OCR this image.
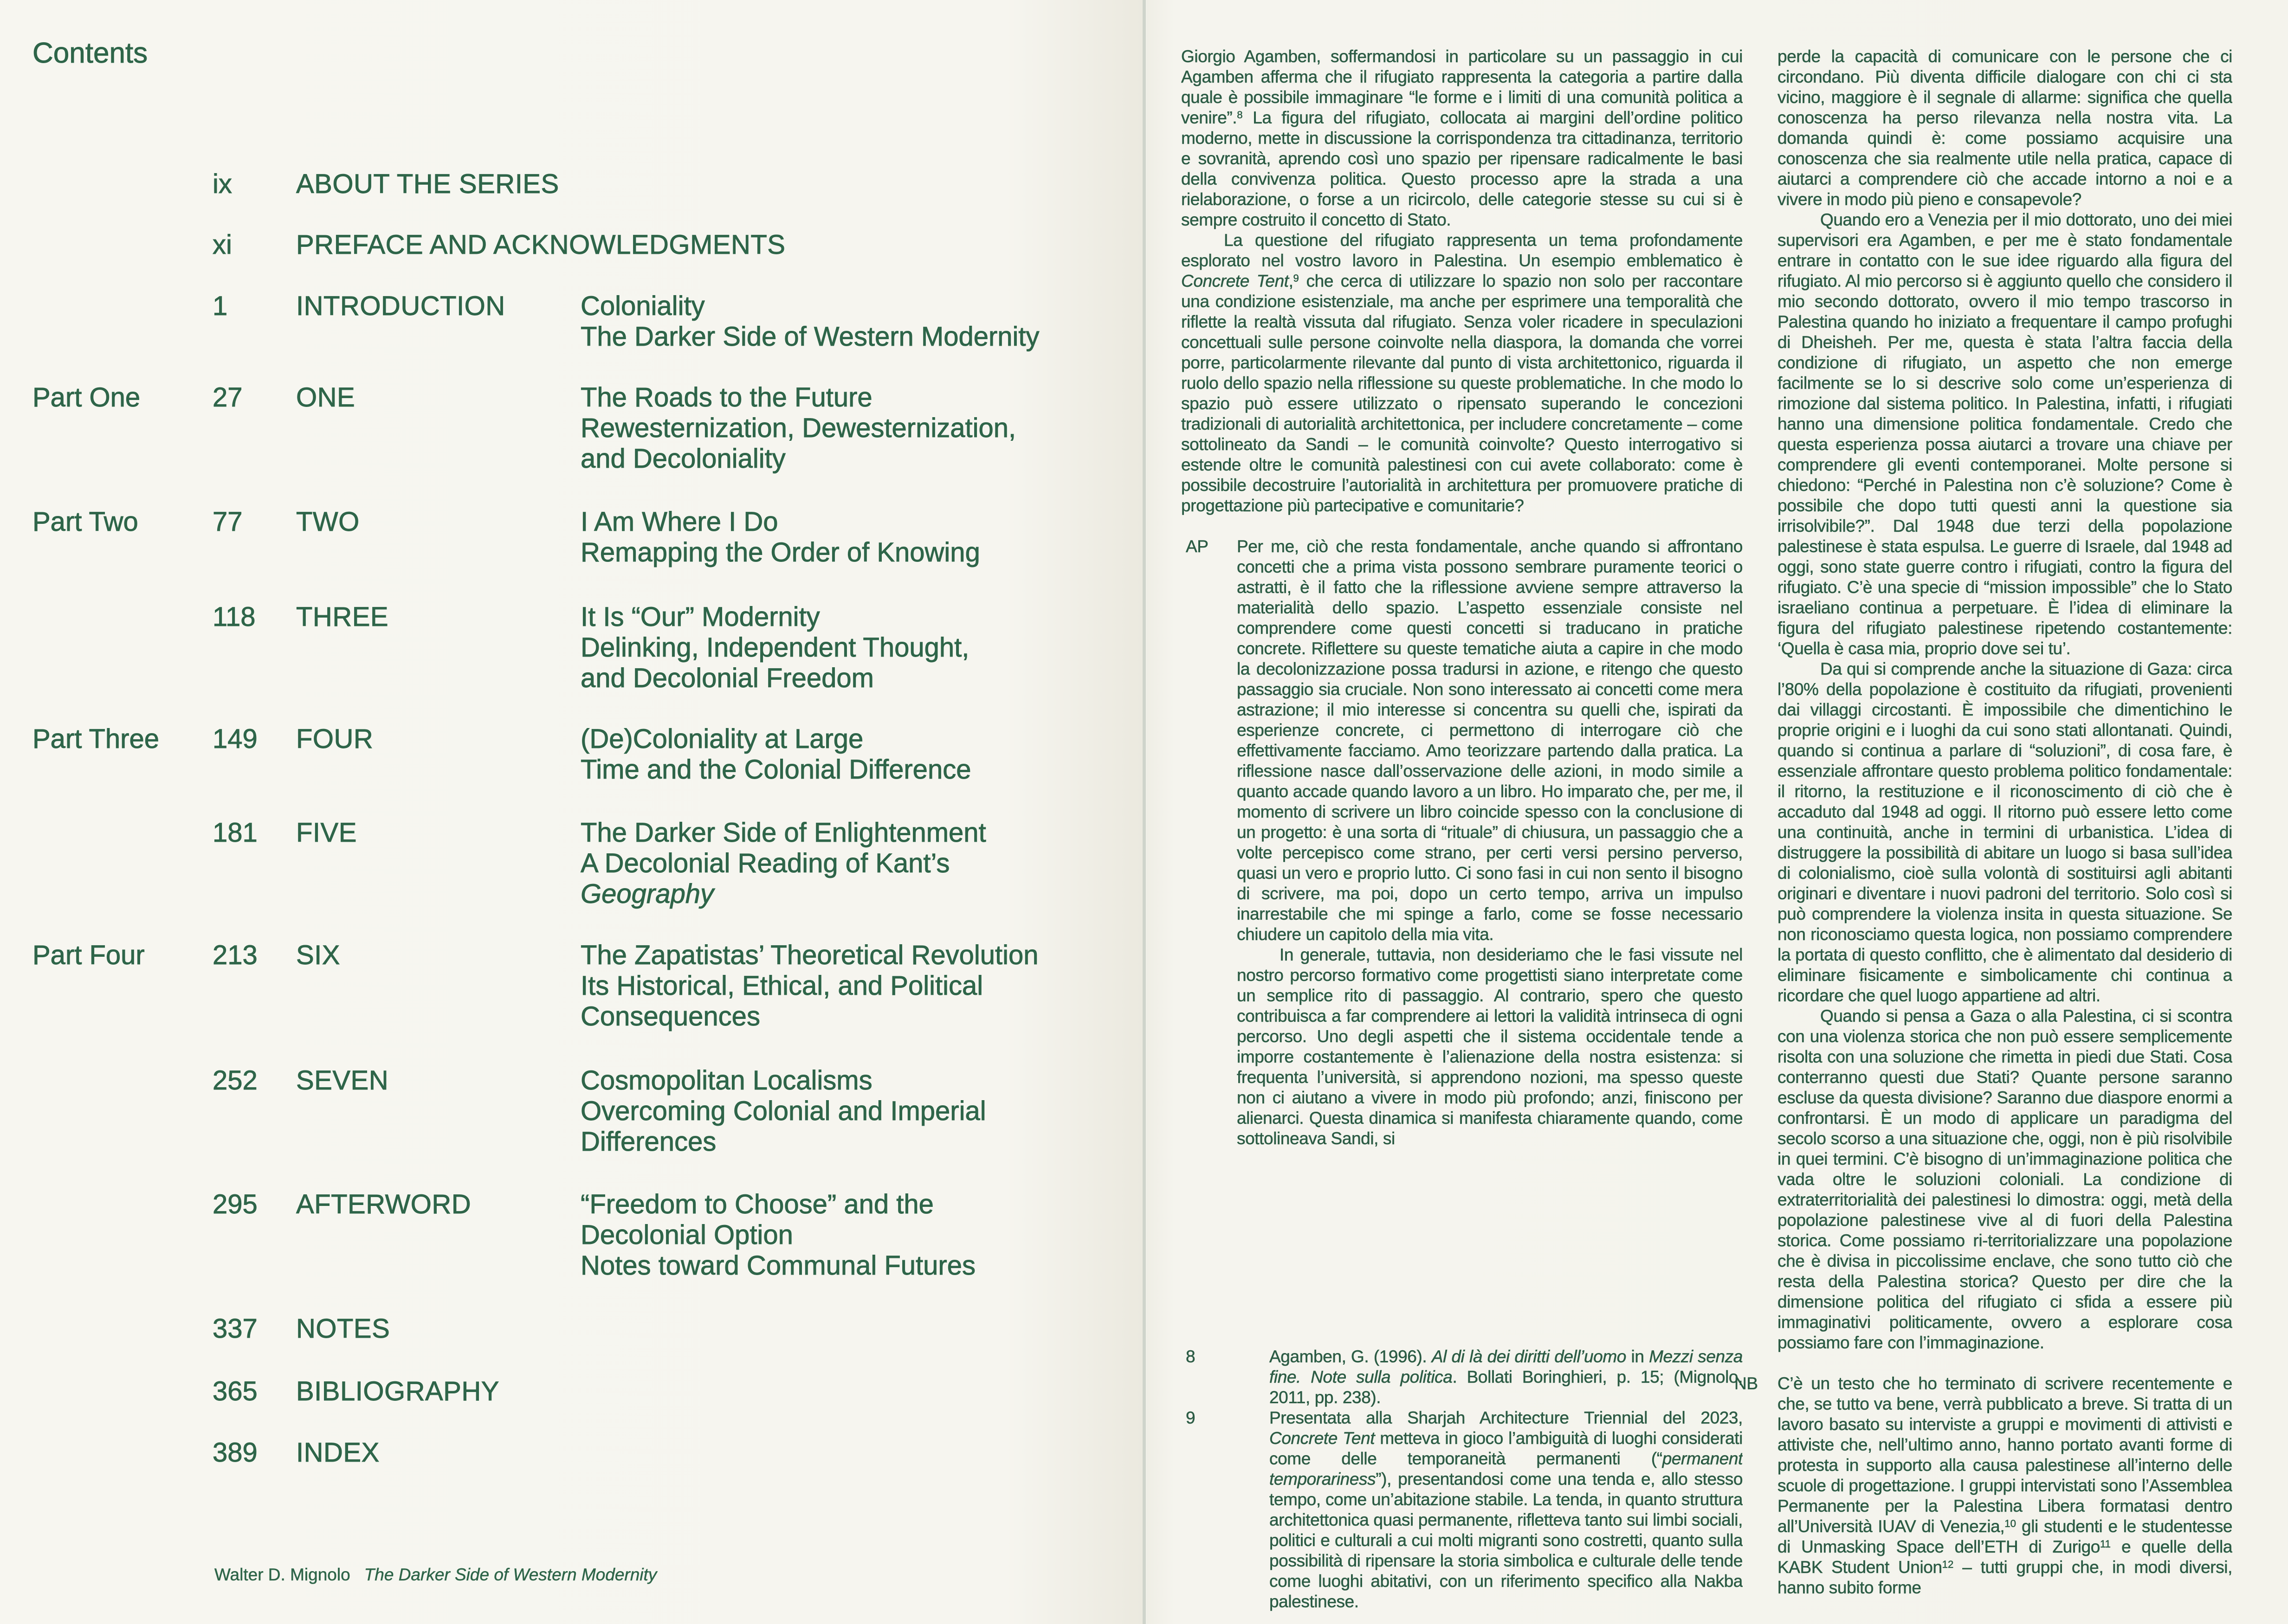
Contents
ix ABOUT THE SERIES
xi PREFACE AND ACKNOWLEDGMENTS
1	INTRODUCTION	Coloniality
The Darker Side of Western Modernity
Part One	27 ONE	The Roads to the Future
Rewesternization, Dewesternization,
and Decoloniality
Part Two	77 TWO	I Am Where I Do
Remapping the Order of Knowing
118 THREE	It Is “Our” Modernity
Delinking, Independent Thought,
and Decolonial Freedom
Part Three 149 FOUR	(De)Coloniality at Large
Time and the Colonial Difference
181 FIVE	The Darker Side of Enlightenment
A Decolonial Reading of Kant’s
Geography
Part Four	213 SIX	The Zapatistas’ Theoretical Revolution
Its Historical, Ethical, and Political
Consequences
252 SEVEN	Cosmopolitan Localisms
Overcoming Colonial and Imperial
Differences
295 AFTERWORD	“Freedom to Choose” and the
Decolonial Option
Notes toward Communal Futures
337 NOTES
365 BIBLIOGRAPHY
389 INDEX
Walter D. Mignolo The Darker Side of Western Modernity

Giorgio Agamben, soffermandosi in particolare su un passaggio in cui Agamben afferma che il rifugiato rappresenta la categoria a partire dalla quale è possibile immaginare “le forme e i limiti di una comunità politica a venire”.$^8$ La figura del rifugiato, collocata ai margini dell’ordine politico moderno, mette in discussione la corrispondenza tra cittadinanza, territorio e sovranità, aprendo così uno spazio per ripensare radicalmente le basi della convivenza politica. Questo processo apre la strada a una rielaborazione, o forse a un ricircolo, delle categorie stesse su cui si è sempre costruito il concetto di Stato.

La questione del rifugiato rappresenta un tema profondamente esplorato nel vostro lavoro in Palestina. Un esempio emblematico è Concrete Tent,$^9$ che cerca di utilizzare lo spazio non solo per raccontare una condizione esistenziale, ma anche per esprimere una temporalità che riflette la realtà vissuta dal rifugiato. Senza voler ricadere in speculazioni concettuali sulle persone coinvolte nella diaspora, la domanda che vorrei porre, particolarmente rilevante dal punto di vista architettonico, riguarda il ruolo dello spazio nella riflessione su queste problematiche. In che modo lo spazio può essere utilizzato o ripensato superando le concezioni tradizionali di autorialità architettonica, per includere concretamente – come sottolineato da Sandi – le comunità coinvolte? Questo interrogativo si estende oltre le comunità palestinesi con cui avete collaborato: come è possibile decostruire l’autorialità in architettura per promuovere pratiche di progettazione più partecipative e comunitarie?

AP Per me, ciò che resta fondamentale, anche quando si affrontano concetti che a prima vista possono sembrare puramente teorici o astratti, è il fatto che la riflessione avviene sempre attraverso la materialità dello spazio. L’aspetto essenziale consiste nel comprendere come questi concetti si traducano in pratiche concrete. Riflettere su queste tematiche aiuta a capire in che modo la decolonizzazione possa tradursi in azione, e ritengo che questo passaggio sia cruciale. Non sono interessato ai concetti come mera astrazione; il mio interesse si concentra su quelli che, ispirati da esperienze concrete, ci permettono di interrogare ciò che effettivamente facciamo. Amo teorizzare partendo dalla pratica. La riflessione nasce dall’osservazione delle azioni, in modo simile a quanto accade quando lavoro a un libro. Ho imparato che, per me, il momento di scrivere un libro coincide spesso con la conclusione di un progetto: è una sorta di “rituale” di chiusura, un passaggio che a volte percepisco come strano, per certi versi persino perverso, quasi un vero e proprio lutto. Ci sono fasi in cui non sento il bisogno di scrivere, ma poi, dopo un certo tempo, arriva un impulso inarrestabile che mi spinge a farlo, come se fosse necessario chiudere un capitolo della mia vita.

In generale, tuttavia, non desideriamo che le fasi vissute nel nostro percorso formativo come progettisti siano interpretate come un semplice rito di passaggio. Al contrario, spero che questo contribuisca a far comprendere ai lettori la validità intrinseca di ogni percorso. Uno degli aspetti che il sistema occidentale tende a imporre costantemente è l’alienazione della nostra esistenza: si frequenta l’università, si apprendono nozioni, ma spesso queste non ci aiutano a vivere in modo più profondo; anzi, finiscono per alienarci. Questa dinamica si manifesta chiaramente quando, come sottolineava Sandi, si

8	Agamben, G. (1996). Al di là dei diritti dell’uomo in Mezzi senza fine. Note sulla politica. Bollati Boringhieri, p. 15; (Mignolo, 2011, pp. 238).
9	Presentata alla Sharjah Architecture Triennial del 2023, Concrete Tent metteva in gioco l’ambiguità di luoghi considerati come delle temporaneità permanenti (“permanent temporariness”), presentandosi come una tenda e, allo stesso tempo, come un’abitazione stabile. La tenda, in quanto struttura architettonica quasi permanente, rifletteva tanto sui limbi sociali, politici e culturali a cui molti migranti sono costretti, quanto sulla possibilità di ripensare la storia simbolica e culturale delle tende come luoghi abitativi, con un riferimento specifico alla Nakba palestinese.

perde la capacità di comunicare con le persone che ci circondano. Più diventa difficile dialogare con chi ci sta vicino, maggiore è il segnale di allarme: significa che quella conoscenza ha perso rilevanza nella nostra vita. La domanda quindi è: come possiamo acquisire una conoscenza che sia realmente utile nella pratica, capace di aiutarci a comprendere ciò che accade intorno a noi e a vivere in modo più pieno e consapevole?

Quando ero a Venezia per il mio dottorato, uno dei miei supervisori era Agamben, e per me è stato fondamentale entrare in contatto con le sue idee riguardo alla figura del rifugiato. Al mio percorso si è aggiunto quello che considero il mio secondo dottorato, ovvero il mio tempo trascorso in Palestina quando ho iniziato a frequentare il campo profughi di Dheisheh. Per me, questa è stata l’altra faccia della condizione di rifugiato, un aspetto che non emerge facilmente se lo si descrive solo come un’esperienza di rimozione dal sistema politico. In Palestina, infatti, i rifugiati hanno una dimensione politica fondamentale. Credo che questa esperienza possa aiutarci a trovare una chiave per comprendere gli eventi contemporanei. Molte persone si chiedono: “Perché in Palestina non c’è soluzione? Come è possibile che dopo tutti questi anni la questione sia irrisolvibile?”. Dal 1948 due terzi della popolazione palestinese è stata espulsa. Le guerre di Israele, dal 1948 ad oggi, sono state guerre contro i rifugiati, contro la figura del rifugiato. C’è una specie di “mission impossible” che lo Stato israeliano continua a perpetuare. È l’idea di eliminare la figura del rifugiato palestinese ripetendo costantemente: ‘Quella è casa mia, proprio dove sei tu’.

Da qui si comprende anche la situazione di Gaza: circa l’80% della popolazione è costituito da rifugiati, provenienti dai villaggi circostanti. È impossibile che dimentichino le proprie origini e i luoghi da cui sono stati allontanati. Quindi, quando si continua a parlare di “soluzioni”, di cosa fare, è essenziale affrontare questo problema politico fondamentale: il ritorno, la restituzione e il riconoscimento di ciò che è accaduto dal 1948 ad oggi. Il ritorno può essere letto come una continuità, anche in termini di urbanistica. L’idea di distruggere la possibilità di abitare un luogo si basa sull’idea di colonialismo, cioè sulla volontà di sostituirsi agli abitanti originari e diventare i nuovi padroni del territorio. Solo così si può comprendere la violenza insita in questa situazione. Se non riconosciamo questa logica, non possiamo comprendere la portata di questo conflitto, che è alimentato dal desiderio di eliminare fisicamente e simbolicamente chi continua a ricordare che quel luogo appartiene ad altri.

Quando si pensa a Gaza o alla Palestina, ci si scontra con una violenza storica che non può essere semplicemente risolta con una soluzione che rimetta in piedi due Stati. Cosa conterranno questi due Stati? Quante persone saranno escluse da questa divisione? Saranno due diaspore enormi a confrontarsi. È un modo di applicare un paradigma del secolo scorso a una situazione che, oggi, non è più risolvibile in quei termini. C’è bisogno di un’immaginazione politica che vada oltre le soluzioni coloniali. La condizione di extraterritorialità dei palestinesi lo dimostra: oggi, metà della popolazione palestinese vive al di fuori della Palestina storica. Come possiamo ri-territorializzare una popolazione che è divisa in piccolissime enclave, che sono tutto ciò che resta della Palestina storica? Questo per dire che la dimensione politica del rifugiato ci sfida a essere più immaginativi politicamente, ovvero a esplorare cosa possiamo fare con l’immaginazione.

NB C’è un testo che ho terminato di scrivere recentemente e che, se tutto va bene, verrà pubblicato a breve. Si tratta di un lavoro basato su interviste a gruppi e movimenti di attivisti e attiviste che, nell’ultimo anno, hanno portato avanti forme di protesta in supporto alla causa palestinese all’interno delle scuole di progettazione. I gruppi intervistati sono l’Assemblea Permanente per la Palestina Libera formatasi dentro all’Università IUAV di Venezia,$^{10}$ gli studenti e le studentesse di Unmasking Space dell’ETH di Zurigo$^{11}$ e quelle della KABK Student Union$^{12}$ – tutti gruppi che, in modi diversi, hanno subito forme
